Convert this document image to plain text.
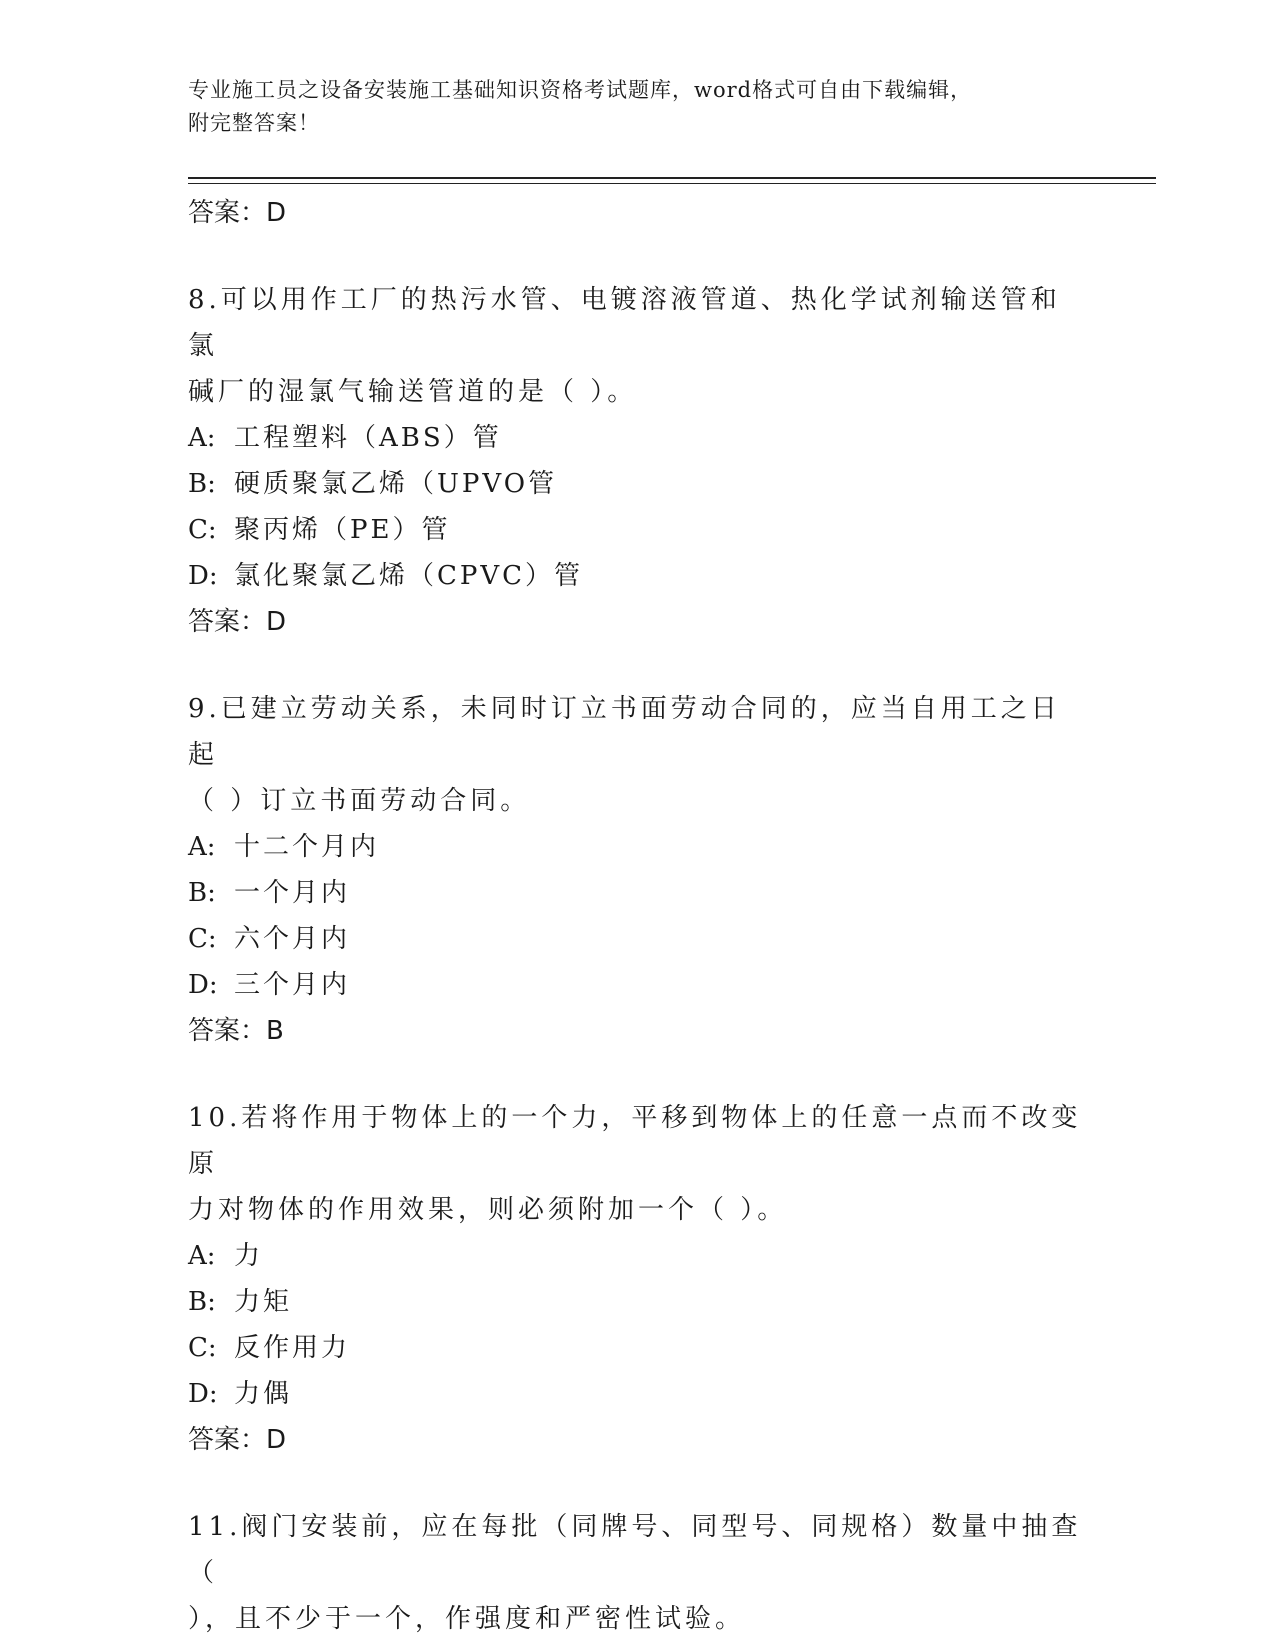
专业施工员之设备安装施工基础知识资格考试题库，word格式可自由下载编辑，
附完整答案！
答案：D
8.可以用作工厂的热污水管、电镀溶液管道、热化学试剂输送管和氯
碱厂的湿氯气输送管道的是（ ）。
A: 工程塑料（ABS）管
B: 硬质聚氯乙烯（UPVO管
C: 聚丙烯（PE）管
D: 氯化聚氯乙烯（CPVC）管
答案：D
9.已建立劳动关系，未同时订立书面劳动合同的，应当自用工之日起
（ ）订立书面劳动合同。
A: 十二个月内
B: 一个月内
C: 六个月内
D: 三个月内
答案：B
10.若将作用于物体上的一个力，平移到物体上的任意一点而不改变原
力对物体的作用效果，则必须附加一个（ ）。
A: 力
B: 力矩
C: 反作用力
D: 力偶
答案：D
11.阀门安装前，应在每批（同牌号、同型号、同规格）数量中抽查（
），且不少于一个，作强度和严密性试验。
